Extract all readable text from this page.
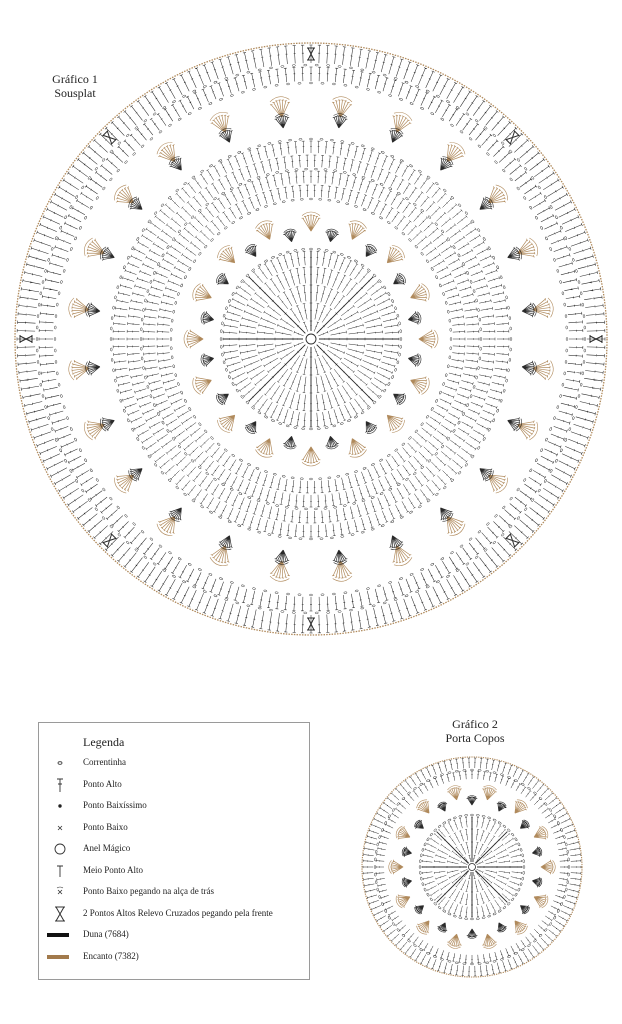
Gráfico 1
Sousplat
Gráfico 2
Porta Copos
Legenda
Correntinha
Ponto Alto
Ponto Baixíssimo
Ponto Baixo
Anel Mágico
Meio Ponto Alto
Ponto Baixo pegando na alça de trás
2 Pontos Altos Relevo Cruzados pegando pela frente
Duna (7684)
Encanto (7382)
